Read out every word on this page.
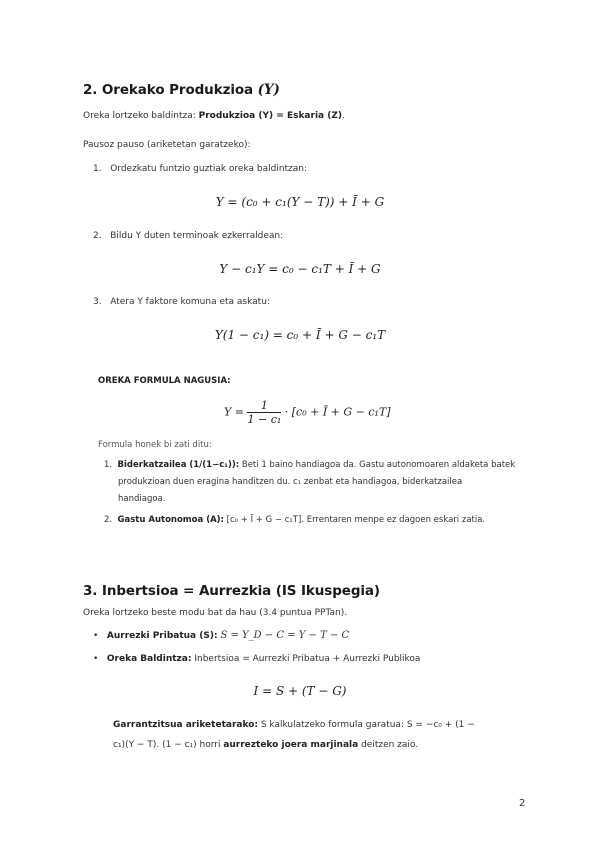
2. Orekako Produkzioa (Y)
Oreka lortzeko baldintza: Produkzioa (Y) = Eskaria (Z).
Pausoz pauso (ariketetan garatzeko):
1. Ordezkatu funtzio guztiak oreka baldintzan:
Y = (c₀ + c₁(Y − T)) + Ī + G
2. Bildu Y duten terminoak ezkerraldean:
Y − c₁Y = c₀ − c₁T + Ī + G
3. Atera Y faktore komuna eta askatu:
Y(1 − c₁) = c₀ + Ī + G − c₁T
OREKA FORMULA NAGUSIA:
$Y = \frac{1}{\text{1 − c₁}} \cdot [c_0$ + Ī + G − c₁T]
Formula honek bi zati ditu:
1. Biderkatzailea (1/(1−c₁)): Beti 1 baino handiagoa da. Gastu autonomoaren aldaketa batek
produkzioan duen eragina handitzen du. c₁ zenbat eta handiagoa, biderkatzailea
handiagoa.
2. Gastu Autonomoa (A): [c₀ + Ī + G − c₁T]. Errentaren menpe ez dagoen eskari zatia.
3. Inbertsioa = Aurrezkia (IS Ikuspegia)
Oreka lortzeko beste modu bat da hau (3.4 puntua PPTan).
• Aurrezki Pribatua (S): S = Y_D − C = Y − T − C
• Oreka Baldintza: Inbertsioa = Aurrezki Pribatua + Aurrezki Publikoa
I = S + (T − G)
Garrantzitsua ariketetarako: S kalkulatzeko formula garatua: S = −c₀ + (1 −
c₁)(Y − T). (1 − c₁) horri aurrezteko joera marjinala deitzen zaio.
2
